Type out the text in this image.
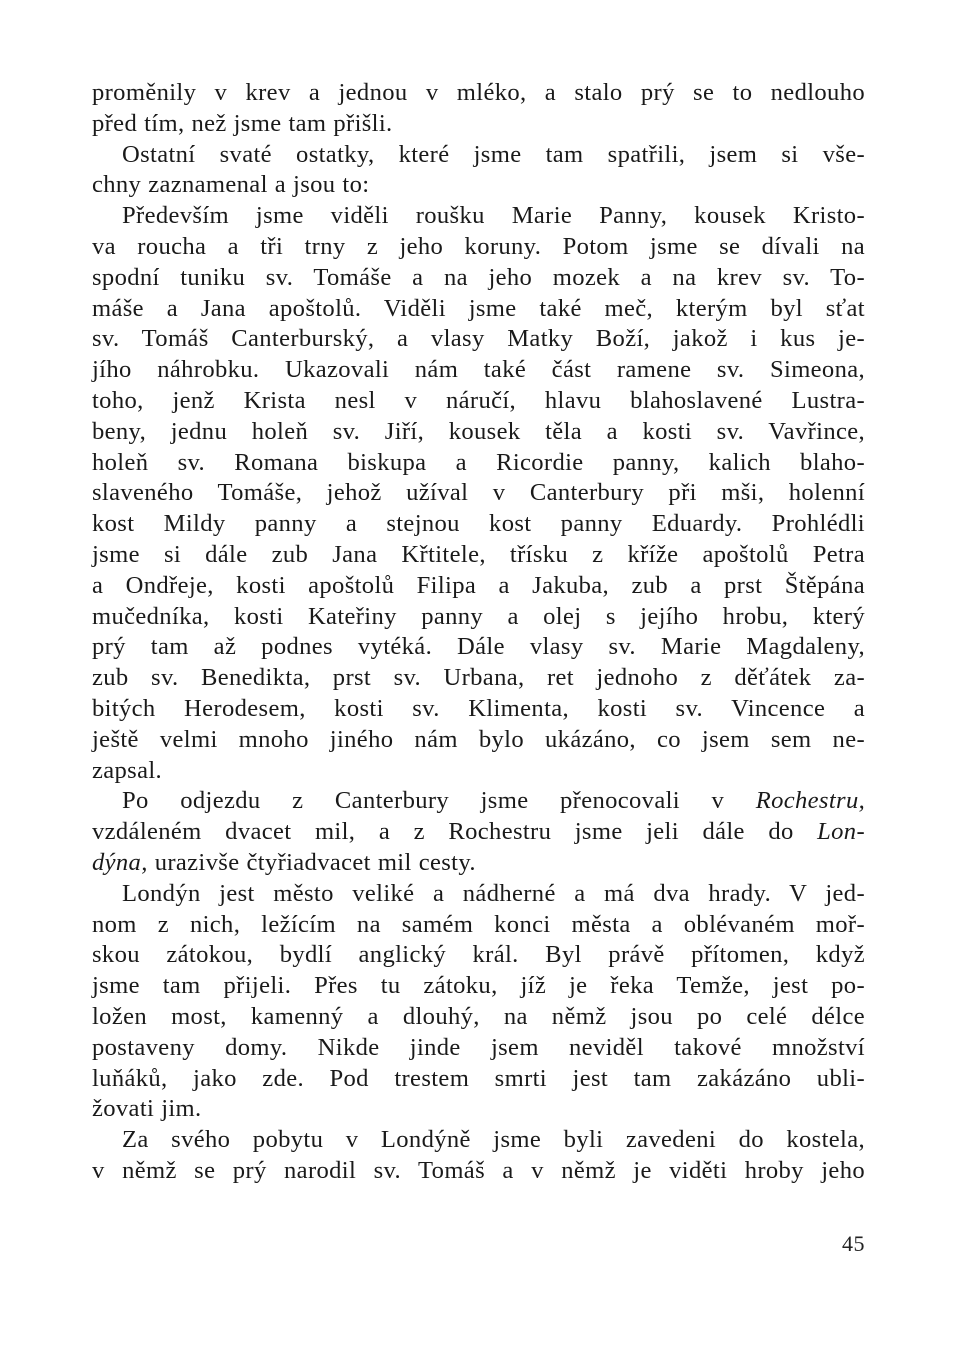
proměnily v krev a jednou v mléko, a stalo prý se to nedlouho
před tím, než jsme tam přišli.

Ostatní svaté ostatky, které jsme tam spatřili, jsem si vše-
chny zaznamenal a jsou to:

Především jsme viděli roušku Marie Panny, kousek Kristo-
va roucha a tři trny z jeho koruny. Potom jsme se dívali na
spodní tuniku sv. Tomáše a na jeho mozek a na krev sv. To-
máše a Jana apoštolů. Viděli jsme také meč, kterým byl sťat
sv. Tomáš Canterburský, a vlasy Matky Boží, jakož i kus je-
jího náhrobku. Ukazovali nám také část ramene sv. Simeona,
toho, jenž Krista nesl v náručí, hlavu blahoslavené Lustra-
beny, jednu holeň sv. Jiří, kousek těla a kosti sv. Vavřince,
holeň sv. Romana biskupa a Ricordie panny, kalich blaho-
slaveného Tomáše, jehož užíval v Canterbury při mši, holenní
kost Mildy panny a stejnou kost panny Eduardy. Prohlédli
jsme si dále zub Jana Křtitele, třísku z kříže apoštolů Petra
a Ondřeje, kosti apoštolů Filipa a Jakuba, zub a prst Štěpána
mučedníka, kosti Kateřiny panny a olej s jejího hrobu, který
prý tam až podnes vytéká. Dále vlasy sv. Marie Magdaleny,
zub sv. Benedikta, prst sv. Urbana, ret jednoho z děťátek za-
bitých Herodesem, kosti sv. Klimenta, kosti sv. Vincence a
ještě velmi mnoho jiného nám bylo ukázáno, co jsem sem ne-
zapsal.

Po odjezdu z Canterbury jsme přenocovali v Rochestru,
vzdáleném dvacet mil, a z Rochestru jsme jeli dále do Lon-
dýna, urazivše čtyřiadvacet mil cesty.

Londýn jest město veliké a nádherné a má dva hrady. V jed-
nom z nich, ležícím na samém konci města a oblévaném moř-
skou zátokou, bydlí anglický král. Byl právě přítomen, když
jsme tam přijeli. Přes tu zátoku, jíž je řeka Temže, jest po-
ložen most, kamenný a dlouhý, na němž jsou po celé délce
postaveny domy. Nikde jinde jsem neviděl takové množství
luňáků, jako zde. Pod trestem smrti jest tam zakázáno ubli-
žovati jim.

Za svého pobytu v Londýně jsme byli zavedeni do kostela,
v němž se prý narodil sv. Tomáš a v němž je viděti hroby jeho

45
